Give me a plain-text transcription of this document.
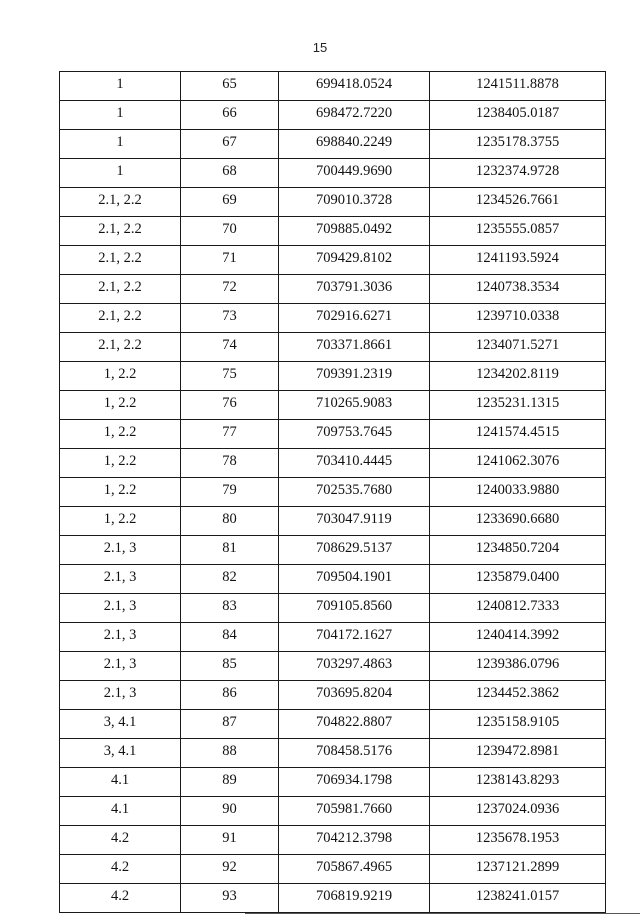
15
1	65	699418.0524	1241511.8878
1	66	698472.7220	1238405.0187
1	67	698840.2249	1235178.3755
1	68	700449.9690	1232374.9728
2.1, 2.2	69	709010.3728	1234526.7661
2.1, 2.2	70	709885.0492	1235555.0857
2.1, 2.2	71	709429.8102	1241193.5924
2.1, 2.2	72	703791.3036	1240738.3534
2.1, 2.2	73	702916.6271	1239710.0338
2.1, 2.2	74	703371.8661	1234071.5271
1, 2.2	75	709391.2319	1234202.8119
1, 2.2	76	710265.9083	1235231.1315
1, 2.2	77	709753.7645	1241574.4515
1, 2.2	78	703410.4445	1241062.3076
1, 2.2	79	702535.7680	1240033.9880
1, 2.2	80	703047.9119	1233690.6680
2.1, 3	81	708629.5137	1234850.7204
2.1, 3	82	709504.1901	1235879.0400
2.1, 3	83	709105.8560	1240812.7333
2.1, 3	84	704172.1627	1240414.3992
2.1, 3	85	703297.4863	1239386.0796
2.1, 3	86	703695.8204	1234452.3862
3, 4.1	87	704822.8807	1235158.9105
3, 4.1	88	708458.5176	1239472.8981
4.1	89	706934.1798	1238143.8293
4.1	90	705981.7660	1237024.0936
4.2	91	704212.3798	1235678.1953
4.2	92	705867.4965	1237121.2899
4.2	93	706819.9219	1238241.0157
